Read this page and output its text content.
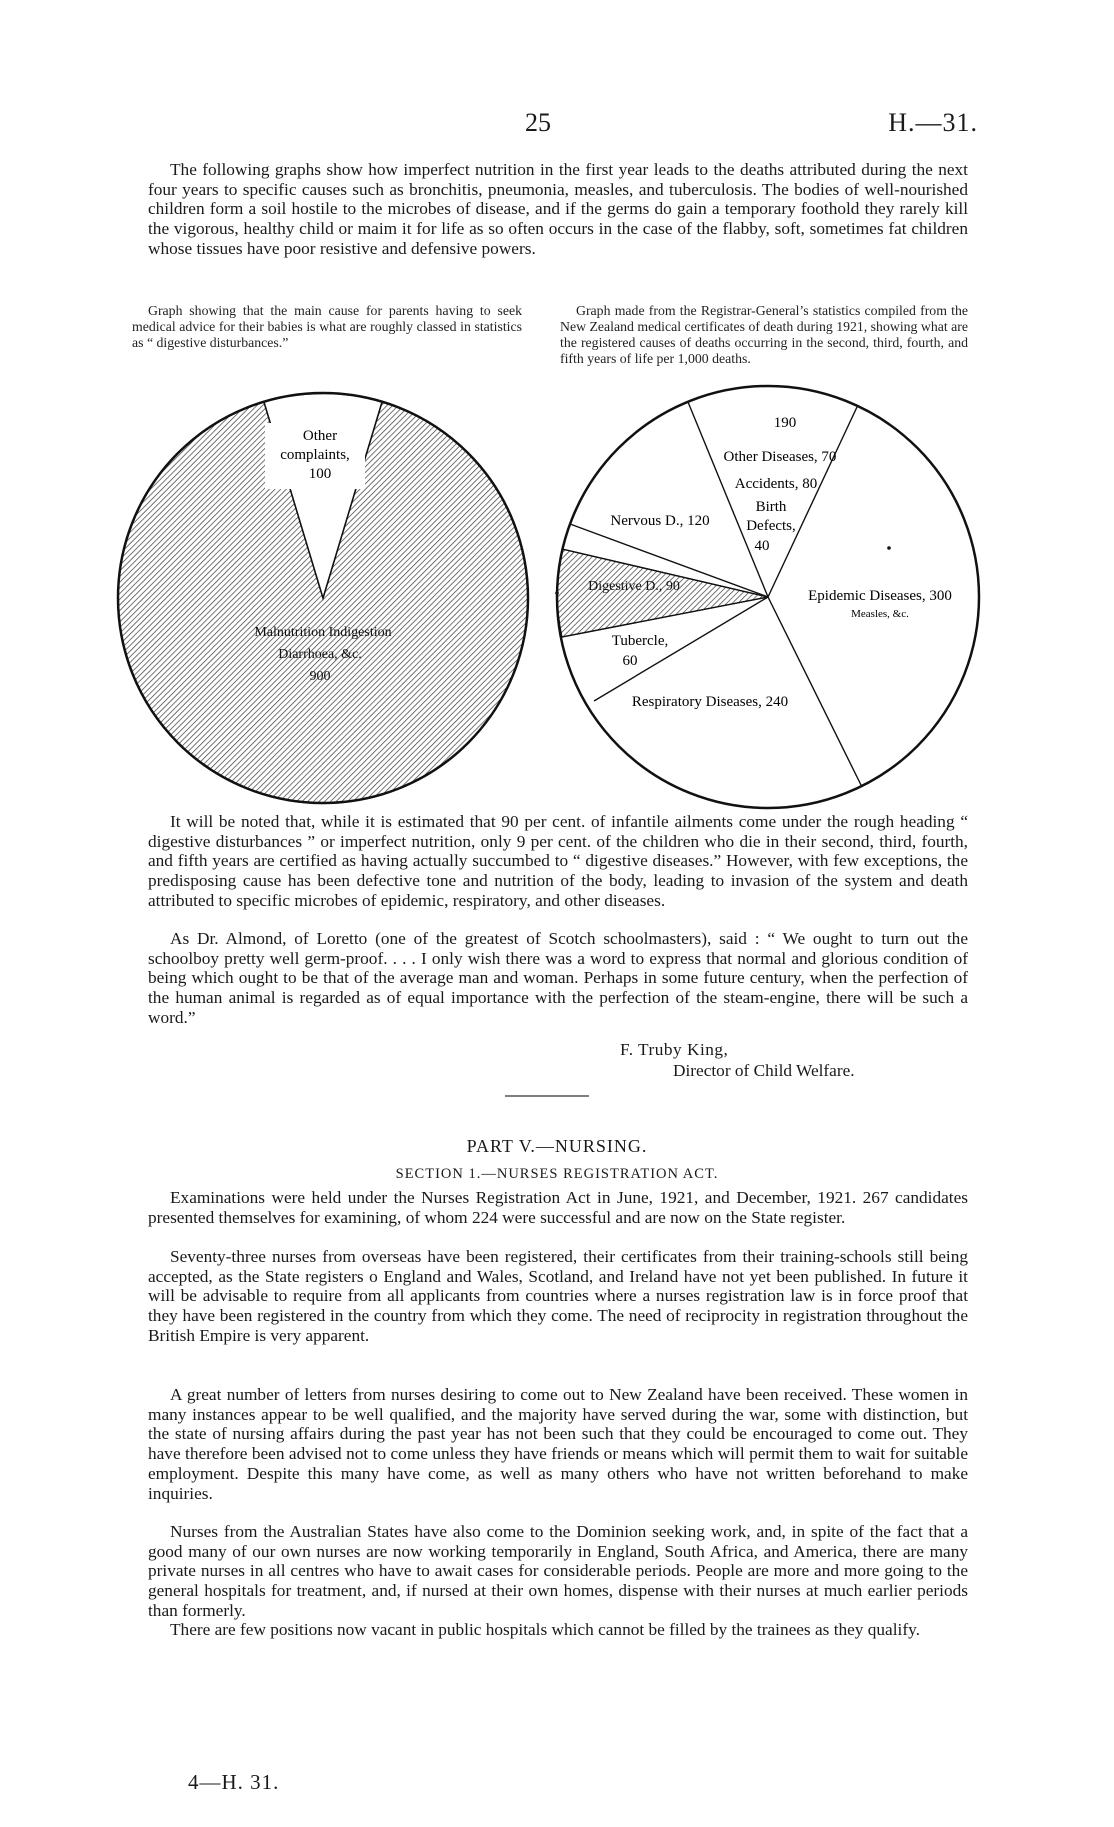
25	H.—31.

The following graphs show how imperfect nutrition in the first year leads to the deaths attributed during the next four years to specific causes such as bronchitis, pneumonia, measles, and tuberculosis. The bodies of well-nourished children form a soil hostile to the microbes of disease, and if the germs do gain a temporary foothold they rarely kill the vigorous, healthy child or maim it for life as so often occurs in the case of the flabby, soft, sometimes fat children whose tissues have poor resistive and defensive powers.

Graph showing that the main cause for parents having to seek medical advice for their babies is what are roughly classed in statistics as “ digestive disturbances.”

Graph made from the Registrar-General’s statistics compiled from the New Zealand medical certificates of death during 1921, showing what are the registered causes of deaths occurring in the second, third, fourth, and fifth years of life per 1,000 deaths.

Other
complaints,
100
Malnutrition Indigestion
Diarrhoea, &c.
900
190
Other Diseases, 70
Accidents, 80
Birth
Defects,
40
Nervous D., 120
Digestive D., 90
Epidemic Diseases, 300
Measles, &c.
Tubercle,
60
Respiratory Diseases, 240

It will be noted that, while it is estimated that 90 per cent. of infantile ailments come under the rough heading “ digestive disturbances ” or imperfect nutrition, only 9 per cent. of the children who die in their second, third, fourth, and fifth years are certified as having actually succumbed to “ digestive diseases.” However, with few exceptions, the predisposing cause has been defective tone and nutrition of the body, leading to invasion of the system and death attributed to specific microbes of epidemic, respiratory, and other diseases.

As Dr. Almond, of Loretto (one of the greatest of Scotch schoolmasters), said : “ We ought to turn out the schoolboy pretty well germ-proof. . . . I only wish there was a word to express that normal and glorious condition of being which ought to be that of the average man and woman. Perhaps in some future century, when the perfection of the human animal is regarded as of equal importance with the perfection of the steam-engine, there will be such a word.”

F. Truby King,
Director of Child Welfare.
PART V.—NURSING.
SECTION 1.—NURSES REGISTRATION ACT.

Examinations were held under the Nurses Registration Act in June, 1921, and December, 1921. 267 candidates presented themselves for examining, of whom 224 were successful and are now on the State register.

Seventy-three nurses from overseas have been registered, their certificates from their training-schools still being accepted, as the State registers o England and Wales, Scotland, and Ireland have not yet been published. In future it will be advisable to require from all applicants from countries where a nurses registration law is in force proof that they have been registered in the country from which they come. The need of reciprocity in registration throughout the British Empire is very apparent.

A great number of letters from nurses desiring to come out to New Zealand have been received. These women in many instances appear to be well qualified, and the majority have served during the war, some with distinction, but the state of nursing affairs during the past year has not been such that they could be encouraged to come out. They have therefore been advised not to come unless they have friends or means which will permit them to wait for suitable employment. Despite this many have come, as well as many others who have not written beforehand to make inquiries.

Nurses from the Australian States have also come to the Dominion seeking work, and, in spite of the fact that a good many of our own nurses are now working temporarily in England, South Africa, and America, there are many private nurses in all centres who have to await cases for considerable periods. People are more and more going to the general hospitals for treatment, and, if nursed at their own homes, dispense with their nurses at much earlier periods than formerly.

There are few positions now vacant in public hospitals which cannot be filled by the trainees as they qualify.

4—H. 31.
